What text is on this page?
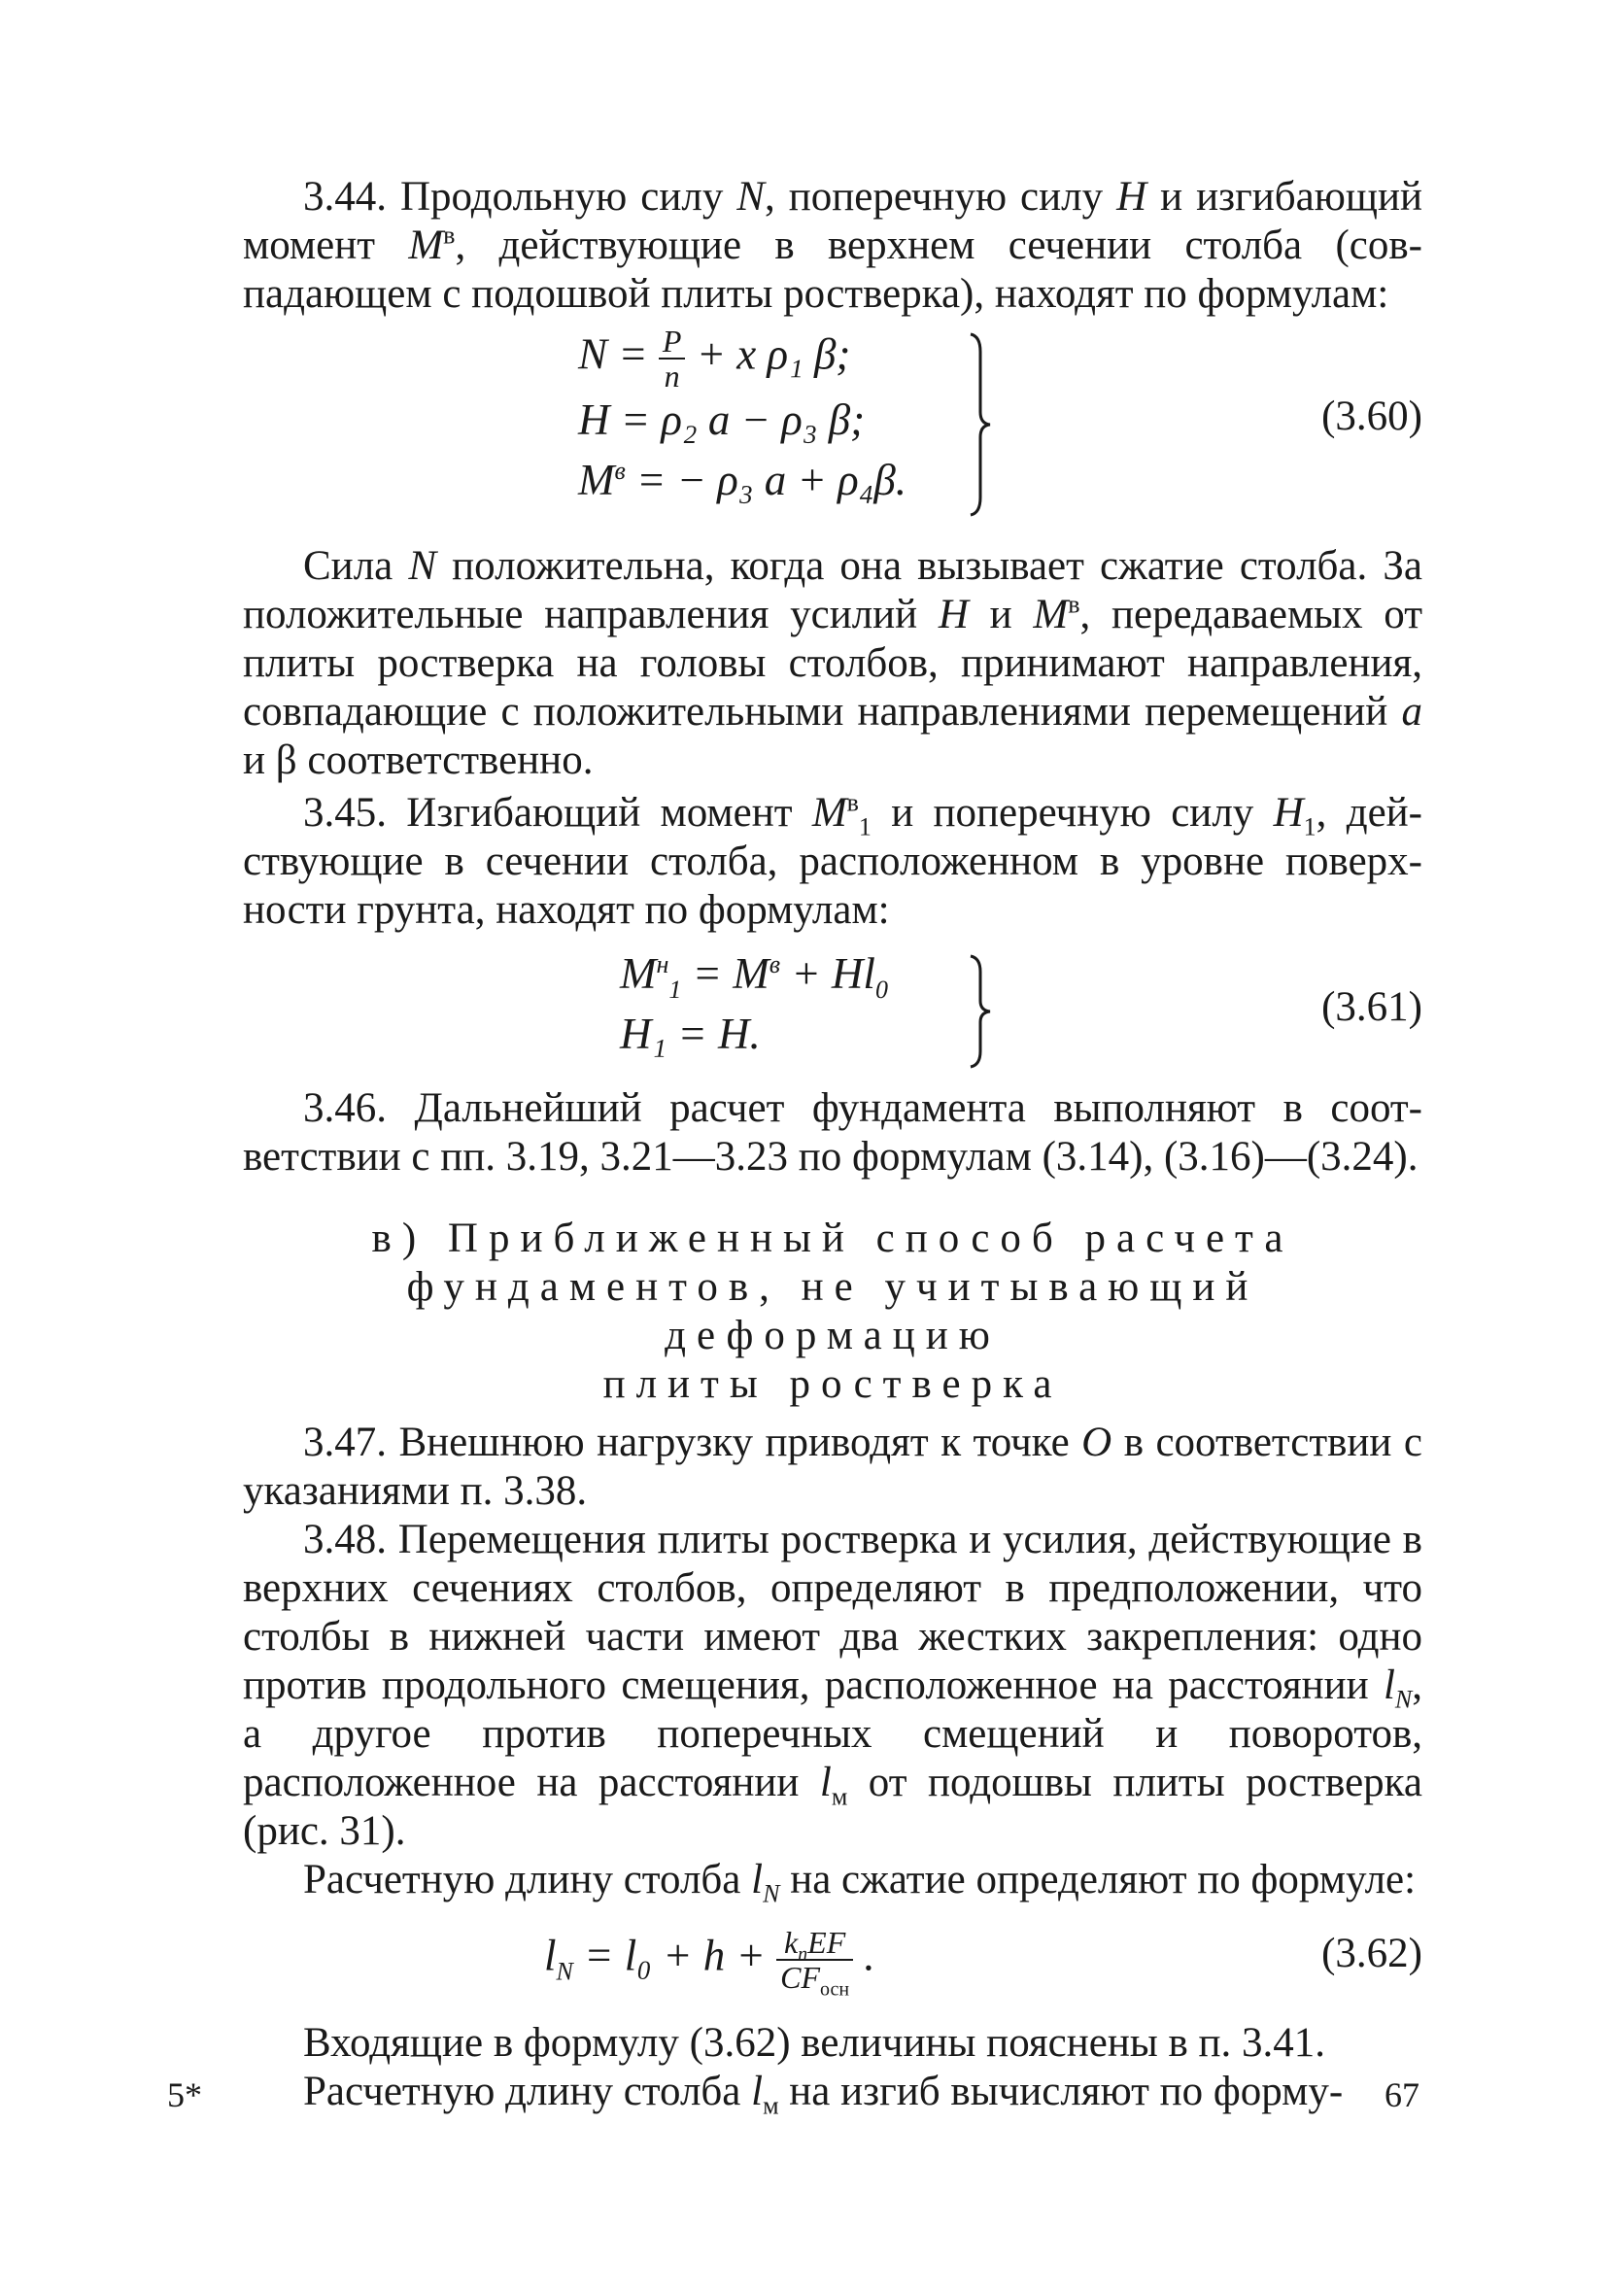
3.44. Продольную силу N, поперечную силу H и изгибающий момент $M^в$, действующие в верхнем сечении столба (совпадающем с подошвой плиты ростверка), находят по формулам:

$N = \frac{P}{n} + x$ ρ₁ β;
H = ρ₂ a − ρ₃ β;
$M^в$ = − ρ₃ a + ρ₄β.
(3.60)

Сила N положительна, когда она вызывает сжатие столба. За положительные направления усилий H и $M^в$, передаваемых от плиты ростверка на головы столбов, принимают направления, совпадающие с положительными направлениями перемещений a и β соответственно.

3.45. Изгибающий момент $M^в_1$ и поперечную силу $H_1$, действующие в сечении столба, расположенном в уровне поверхности грунта, находят по формулам:

$M^н_1 = M^в + Hl_0$
H₁ = H.
(3.61)

3.46. Дальнейший расчет фундамента выполняют в соответствии с пп. 3.19, 3.21—3.23 по формулам (3.14), (3.16)—(3.24).

в) Приближенный способ расчета

фундаментов, не учитывающий деформацию

плиты ростверка

3.47. Внешнюю нагрузку приводят к точке O в соответствии с указаниями п. 3.38.

3.48. Перемещения плиты ростверка и усилия, действующие в верхних сечениях столбов, определяют в предположении, что столбы в нижней части имеют два жестких закрепления: одно против продольного смещения, расположенное на расстоянии $l_N$, а другое против поперечных смещений и поворотов, расположенное на расстоянии $l_м$ от подошвы плиты ростверка (рис. 31).

Расчетную длину столба $l_N$ на сжатие определяют по формуле:

$l_N = l_0 + h + \frac{k_пEF}{CF_{осн}}$ .	(3.62)

Входящие в формулу (3.62) величины пояснены в п. 3.41.

Расчетную длину столба $l_м$ на изгиб вычисляют по форму-

5*	67
